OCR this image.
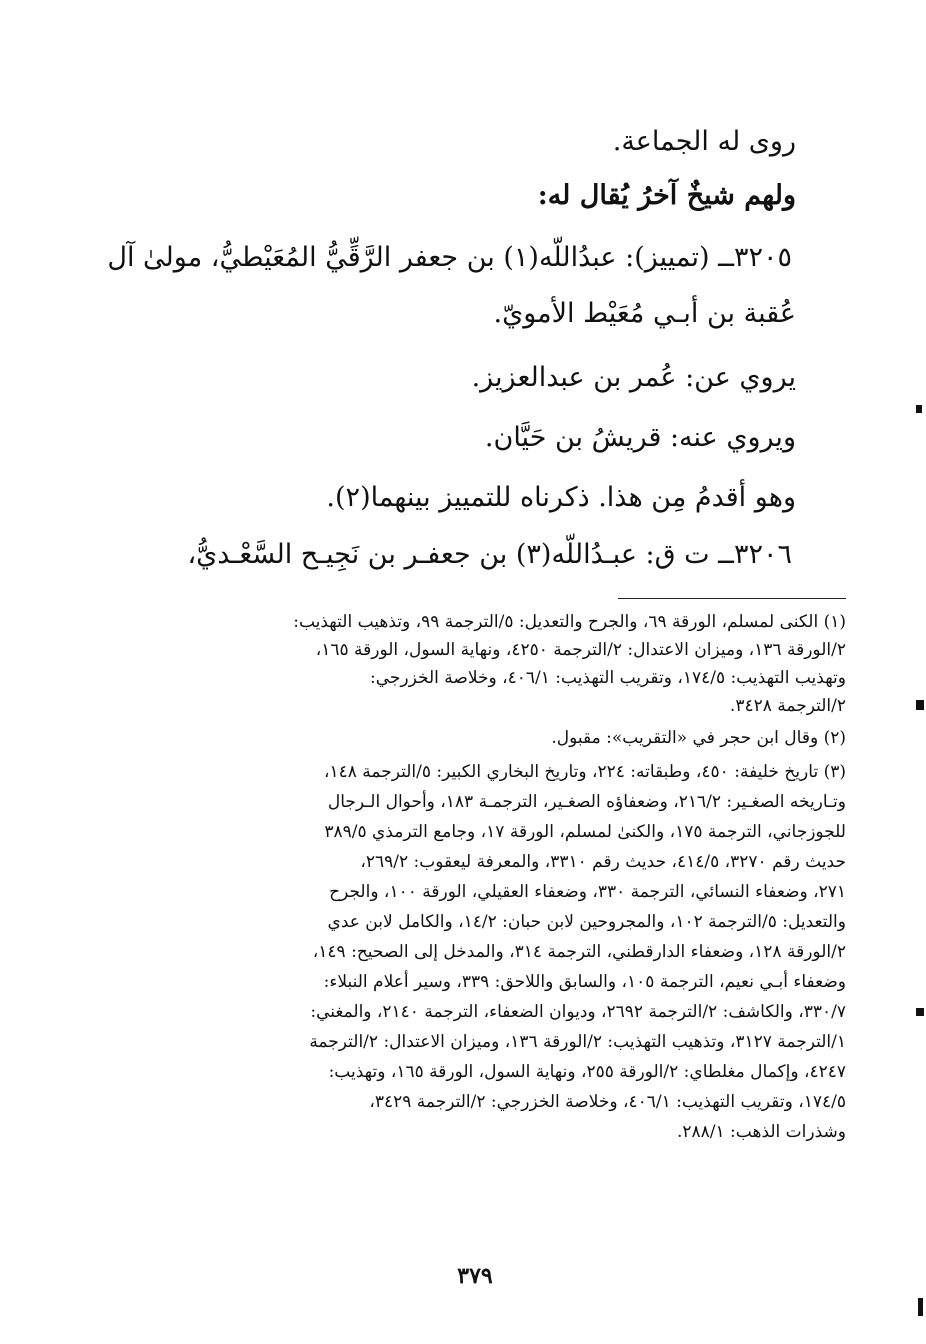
روى له الجماعة.
ولهم شيخٌ آخرُ يُقال له:
٣٢٠٥ــ (تمييز): عبدُاللّه(١) بن جعفر الرَّقِّيُّ المُعَيْطيُّ، مولىٰ آل
عُقبة بن أبـي مُعَيْط الأمويّ.
يروي عن: عُمر بن عبدالعزيز.
ويروي عنه: قريشُ بن حَيَّان.
وهو أقدمُ مِن هذا. ذكرناه للتمييز بينهما(٢).
٣٢٠٦ــ ت ق: عبـدُاللّه(٣) بن جعفـر بن نَجِيـح السَّعْـديُّ،
(١) الكنى لمسلم، الورقة ٦٩، والجرح والتعديل: ٥/الترجمة ٩٩، وتذهيب التهذيب:
٢/الورقة ١٣٦، وميزان الاعتدال: ٢/الترجمة ٤٢٥٠، ونهاية السول، الورقة ١٦٥،
وتهذيب التهذيب: ١٧٤/٥، وتقريب التهذيب: ٤٠٦/١، وخلاصة الخزرجي:
٢/الترجمة ٣٤٢٨.
(٢) وقال ابن حجر في «التقريب»: مقبول.
(٣) تاريخ خليفة: ٤٥٠، وطبقاته: ٢٢٤، وتاريخ البخاري الكبير: ٥/الترجمة ١٤٨،
وتـاريخه الصغـير: ٢١٦/٢، وضعفاؤه الصغـير، الترجمـة ١٨٣، وأحوال الـرجال
للجوزجاني، الترجمة ١٧٥، والكنىٰ لمسلم، الورقة ١٧، وجامع الترمذي ٣٨٩/٥
حديث رقم ٣٢٧٠، ٤١٤/٥، حديث رقم ٣٣١٠، والمعرفة ليعقوب: ٢٦٩/٢،
٢٧١، وضعفاء النسائي، الترجمة ٣٣٠، وضعفاء العقيلي، الورقة ١٠٠، والجرح
والتعديل: ٥/الترجمة ١٠٢، والمجروحين لابن حبان: ١٤/٢، والكامل لابن عدي
٢/الورقة ١٢٨، وضعفاء الدارقطني، الترجمة ٣١٤، والمدخل إلى الصحيح: ١٤٩،
وضعفاء أبـي نعيم، الترجمة ١٠٥، والسابق واللاحق: ٣٣٩، وسير أعلام النبلاء:
٣٣٠/٧، والكاشف: ٢/الترجمة ٢٦٩٢، وديوان الضعفاء، الترجمة ٢١٤٠، والمغني:
١/الترجمة ٣١٢٧، وتذهيب التهذيب: ٢/الورقة ١٣٦، وميزان الاعتدال: ٢/الترجمة
٤٢٤٧، وإكمال مغلطاي: ٢/الورقة ٢٥٥، ونهاية السول، الورقة ١٦٥، وتهذيب:
١٧٤/٥، وتقريب التهذيب: ٤٠٦/١، وخلاصة الخزرجي: ٢/الترجمة ٣٤٢٩،
وشذرات الذهب: ٢٨٨/١.
٣٧٩
